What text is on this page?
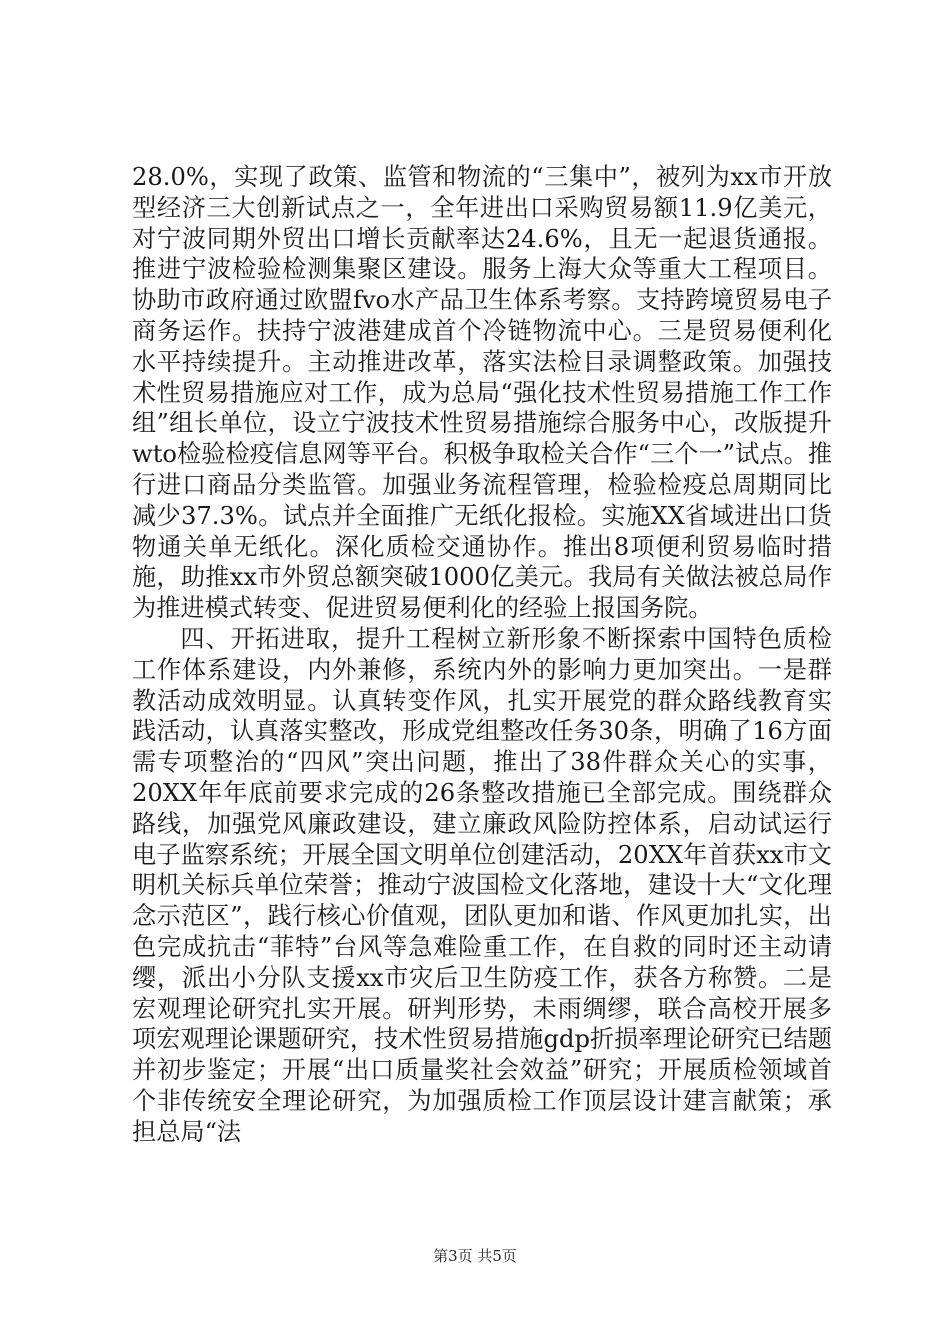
28.0%，实现了政策、监管和物流的“三集中”，被列为xx市开放型经济三大创新试点之一，全年进出口采购贸易额11.9亿美元，对宁波同期外贸出口增长贡献率达24.6%，且无一起退货通报。推进宁波检验检测集聚区建设。服务上海大众等重大工程项目。协助市政府通过欧盟fvo水产品卫生体系考察。支持跨境贸易电子商务运作。扶持宁波港建成首个冷链物流中心。三是贸易便利化水平持续提升。主动推进改革，落实法检目录调整政策。加强技术性贸易措施应对工作，成为总局“强化技术性贸易措施工作工作组”组长单位，设立宁波技术性贸易措施综合服务中心，改版提升wto检验检疫信息网等平台。积极争取检关合作“三个一”试点。推行进口商品分类监管。加强业务流程管理，检验检疫总周期同比减少37.3%。试点并全面推广无纸化报检。实施XX省域进出口货物通关单无纸化。深化质检交通协作。推出8项便利贸易临时措施，助推xx市外贸总额突破1000亿美元。我局有关做法被总局作为推进模式转变、促进贸易便利化的经验上报国务院。

四、开拓进取，提升工程树立新形象不断探索中国特色质检工作体系建设，内外兼修，系统内外的影响力更加突出。一是群教活动成效明显。认真转变作风，扎实开展党的群众路线教育实践活动，认真落实整改，形成党组整改任务30条，明确了16方面需专项整治的“四风”突出问题，推出了38件群众关心的实事，20XX年年底前要求完成的26条整改措施已全部完成。围绕群众路线，加强党风廉政建设，建立廉政风险防控体系，启动试运行电子监察系统；开展全国文明单位创建活动，20XX年首获xx市文明机关标兵单位荣誉；推动宁波国检文化落地，建设十大“文化理念示范区”，践行核心价值观，团队更加和谐、作风更加扎实，出色完成抗击“菲特”台风等急难险重工作，在自救的同时还主动请缨，派出小分队支援xx市灾后卫生防疫工作，获各方称赞。二是宏观理论研究扎实开展。研判形势，未雨绸缪，联合高校开展多项宏观理论课题研究，技术性贸易措施gdp折损率理论研究已结题并初步鉴定；开展“出口质量奖社会效益”研究；开展质检领域首个非传统安全理论研究，为加强质检工作顶层设计建言献策；承担总局“法

第3页 共5页
